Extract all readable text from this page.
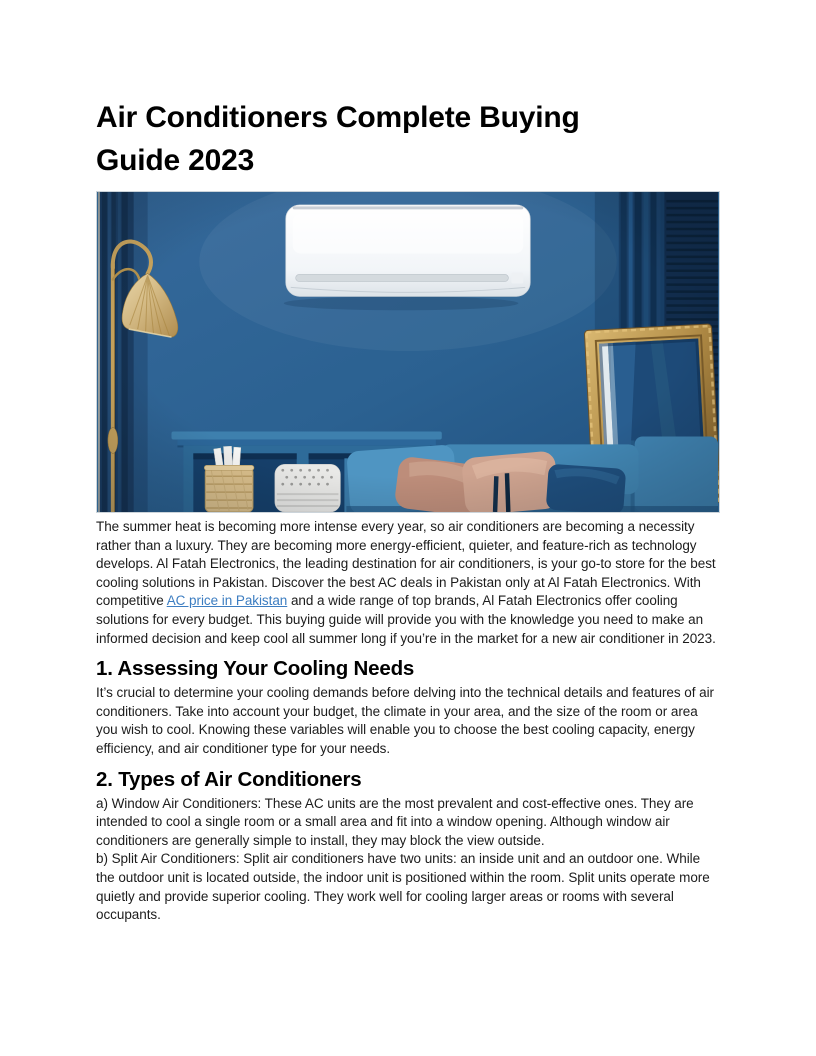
Air Conditioners Complete Buying
Guide 2023

The summer heat is becoming more intense every year, so air conditioners are becoming a necessity rather than a luxury. They are becoming more energy-efficient, quieter, and feature-rich as technology develops. Al Fatah Electronics, the leading destination for air conditioners, is your go-to store for the best cooling solutions in Pakistan. Discover the best AC deals in Pakistan only at Al Fatah Electronics. With competitive AC price in Pakistan and a wide range of top brands, Al Fatah Electronics offer cooling solutions for every budget. This buying guide will provide you with the knowledge you need to make an informed decision and keep cool all summer long if you’re in the market for a new air conditioner in 2023.

1. Assessing Your Cooling Needs

It’s crucial to determine your cooling demands before delving into the technical details and features of air conditioners. Take into account your budget, the climate in your area, and the size of the room or area you wish to cool. Knowing these variables will enable you to choose the best cooling capacity, energy efficiency, and air conditioner type for your needs.

2. Types of Air Conditioners

a) Window Air Conditioners: These AC units are the most prevalent and cost-effective ones. They are intended to cool a single room or a small area and fit into a window opening. Although window air conditioners are generally simple to install, they may block the view outside.
b) Split Air Conditioners: Split air conditioners have two units: an inside unit and an outdoor one. While the outdoor unit is located outside, the indoor unit is positioned within the room. Split units operate more quietly and provide superior cooling. They work well for cooling larger areas or rooms with several occupants.
